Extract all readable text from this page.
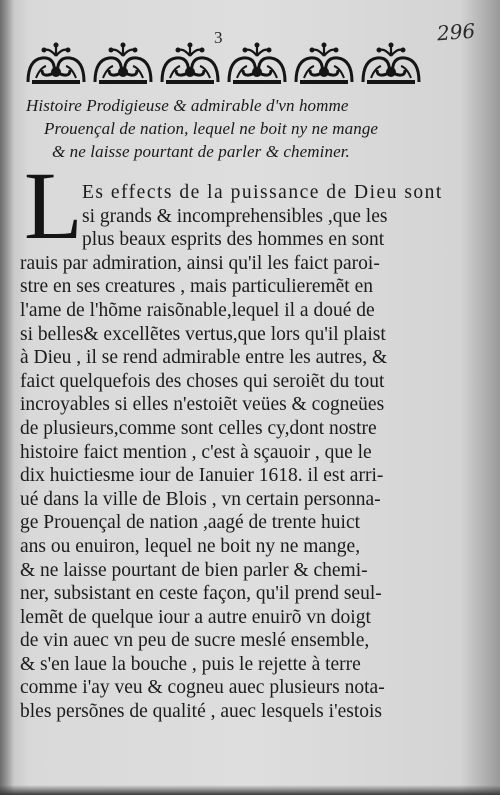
3	296
Histoire Prodigieuse & admirable d'vn homme
Prouençal de nation, lequel ne boit ny ne mange
& ne laisse pourtant de parler & cheminer.
L Es effects de la puissance de Dieu sont
si grands & incomprehensibles ,que les
plus beaux esprits des hommes en sont
rauis par admiration, ainsi qu'il les faict paroi-
stre en ses creatures , mais particulieremẽt en
l'ame de l'hõme raisõnable,lequel il a doué de
si belles& excellẽtes vertus,que lors qu'il plaist
à Dieu , il se rend admirable entre les autres, &
faict quelquefois des choses qui seroiẽt du tout
incroyables si elles n'estoiẽt veües & cogneües
de plusieurs,comme sont celles cy,dont nostre
histoire faict mention , c'est à sçauoir , que le
dix huictiesme iour de Ianuier 1618. il est arri-
ué dans la ville de Blois , vn certain personna-
ge Prouençal de nation ,aagé de trente huict
ans ou enuiron, lequel ne boit ny ne mange,
& ne laisse pourtant de bien parler & chemi-
ner, subsistant en ceste façon, qu'il prend seul-
lemẽt de quelque iour a autre enuirõ vn doigt
de vin auec vn peu de sucre meslé ensemble,
& s'en laue la bouche , puis le rejette à terre
comme i'ay veu & cogneu auec plusieurs nota-
bles persõnes de qualité , auec lesquels i'estois
